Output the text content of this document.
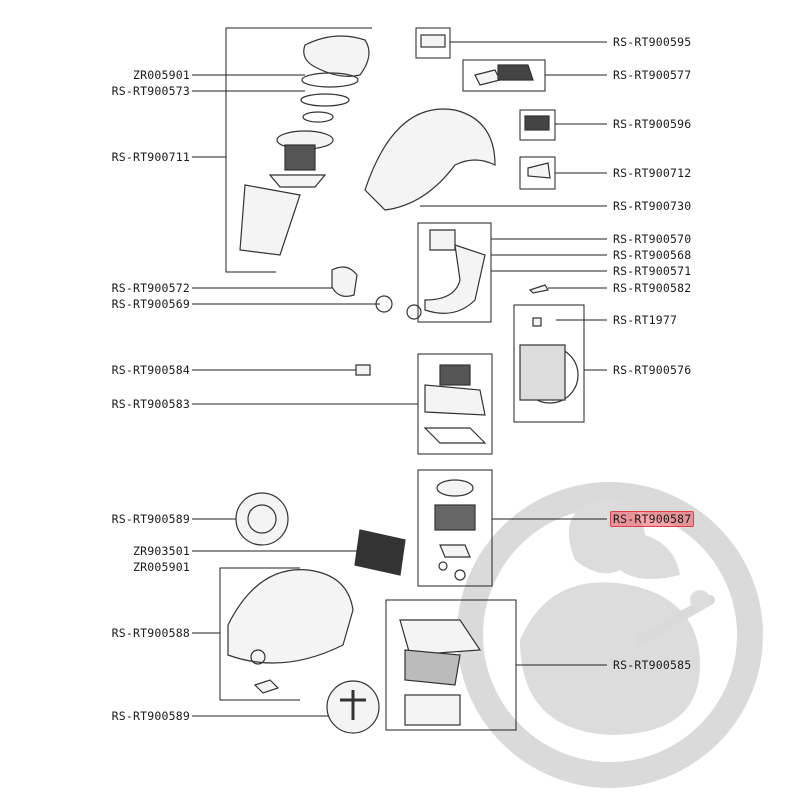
ZR005901
RS-RT900573
RS-RT900711
RS-RT900572
RS-RT900569
RS-RT900584
RS-RT900583
RS-RT900589
ZR903501
ZR005901
RS-RT900588
RS-RT900589
RS-RT900595
RS-RT900577
RS-RT900596
RS-RT900712
RS-RT900730
RS-RT900570
RS-RT900568
RS-RT900571
RS-RT900582
RS-RT1977
RS-RT900576
RS-RT900587
RS-RT900585
